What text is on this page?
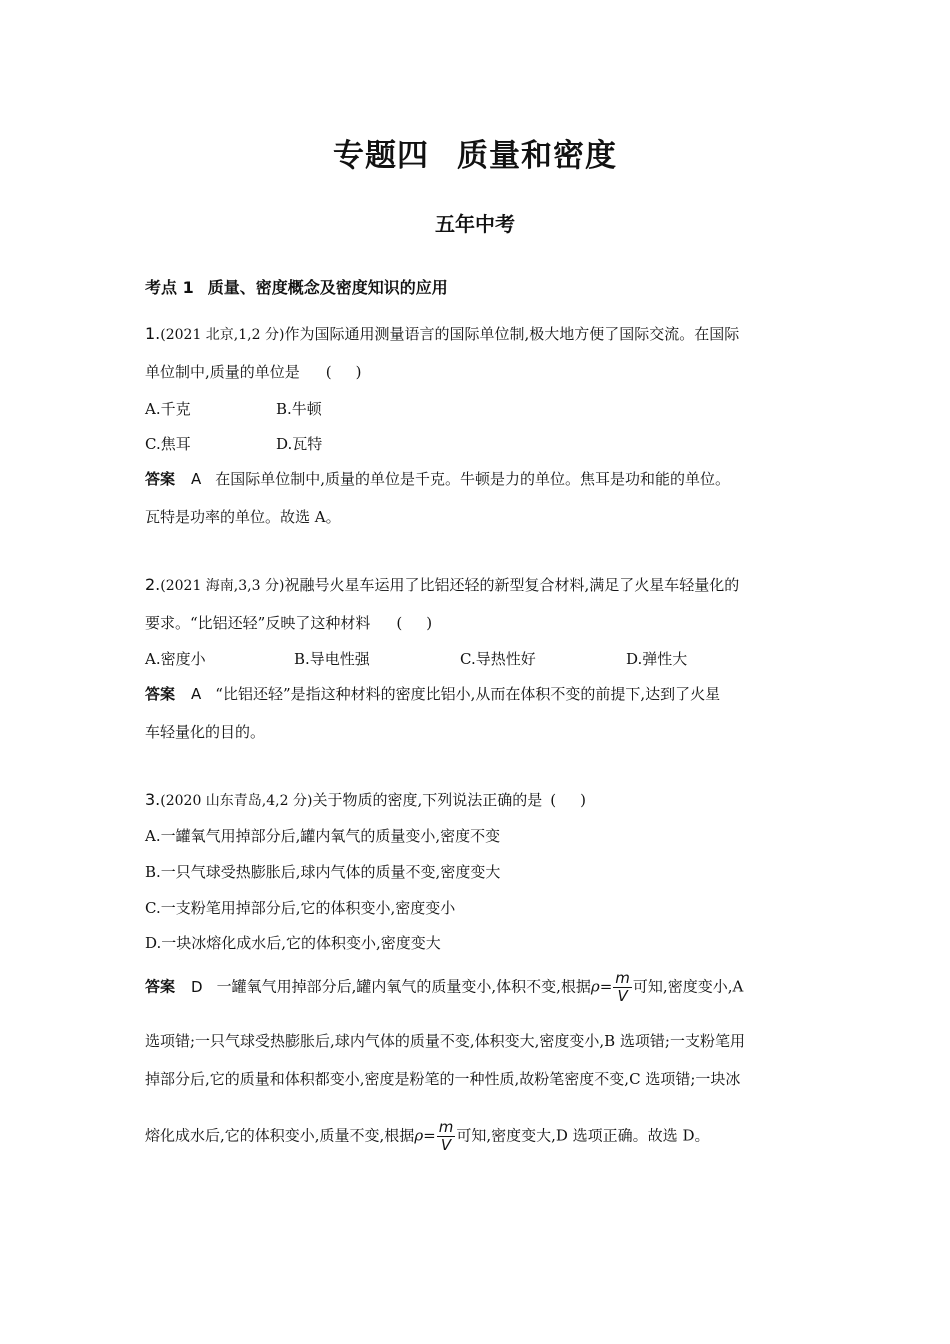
专题四 质量和密度
五年中考
考点 1 质量、密度概念及密度知识的应用
1.(2021 北京,1,2 分)作为国际通用测量语言的国际单位制,极大地方便了国际交流。在国际
单位制中,质量的单位是 ( )
A.千克	B.牛顿
C.焦耳	D.瓦特
答案 A 在国际单位制中,质量的单位是千克。牛顿是力的单位。焦耳是功和能的单位。
瓦特是功率的单位。故选 A。
2.(2021 海南,3,3 分)祝融号火星车运用了比铝还轻的新型复合材料,满足了火星车轻量化的
要求。“比铝还轻”反映了这种材料 ( )
A.密度小	B.导电性强	C.导热性好	D.弹性大
答案 A “比铝还轻”是指这种材料的密度比铝小,从而在体积不变的前提下,达到了火星
车轻量化的目的。
3.(2020 山东青岛,4,2 分)关于物质的密度,下列说法正确的是 ( )
A.一罐氧气用掉部分后,罐内氧气的质量变小,密度不变
B.一只气球受热膨胀后,球内气体的质量不变,密度变大
C.一支粉笔用掉部分后,它的体积变小,密度变小
D.一块冰熔化成水后,它的体积变小,密度变大
答案 D 一罐氧气用掉部分后,罐内氧气的质量变小,体积不变,根据$\rho= \frac{m}{V}$ 可知,密度变小,A
选项错;一只气球受热膨胀后,球内气体的质量不变,体积变大,密度变小,B 选项错;一支粉笔用
掉部分后,它的质量和体积都变小,密度是粉笔的一种性质,故粉笔密度不变,C 选项错;一块冰
熔化成水后,它的体积变小,质量不变,根据$\rho= \frac{m}{V}$ 可知,密度变大,D 选项正确。故选 D。
